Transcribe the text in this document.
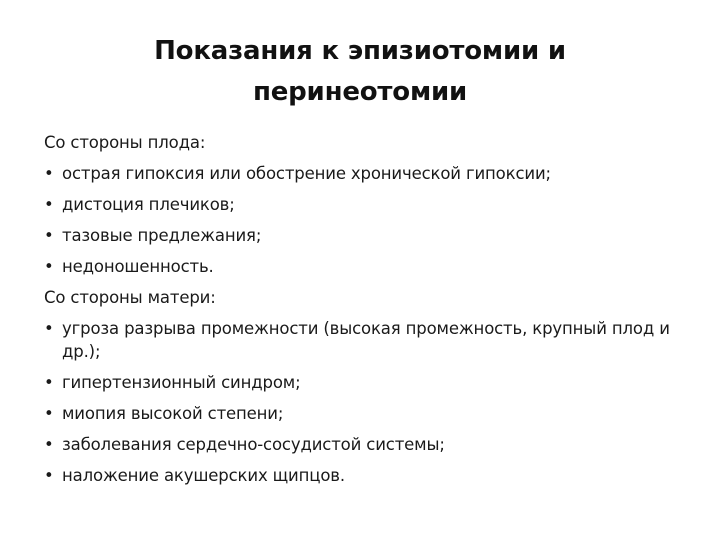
Показания к эпизиотомии и
перинеотомии
Со стороны плода:
• острая гипоксия или обострение хронической гипоксии;
• дистоция плечиков;
• тазовые предлежания;
• недоношенность.
Со стороны матери:
• угроза разрыва промежности (высокая промежность, крупный плод и др.);
• гипертензионный синдром;
• миопия высокой степени;
• заболевания сердечно-сосудистой системы;
• наложение акушерских щипцов.
